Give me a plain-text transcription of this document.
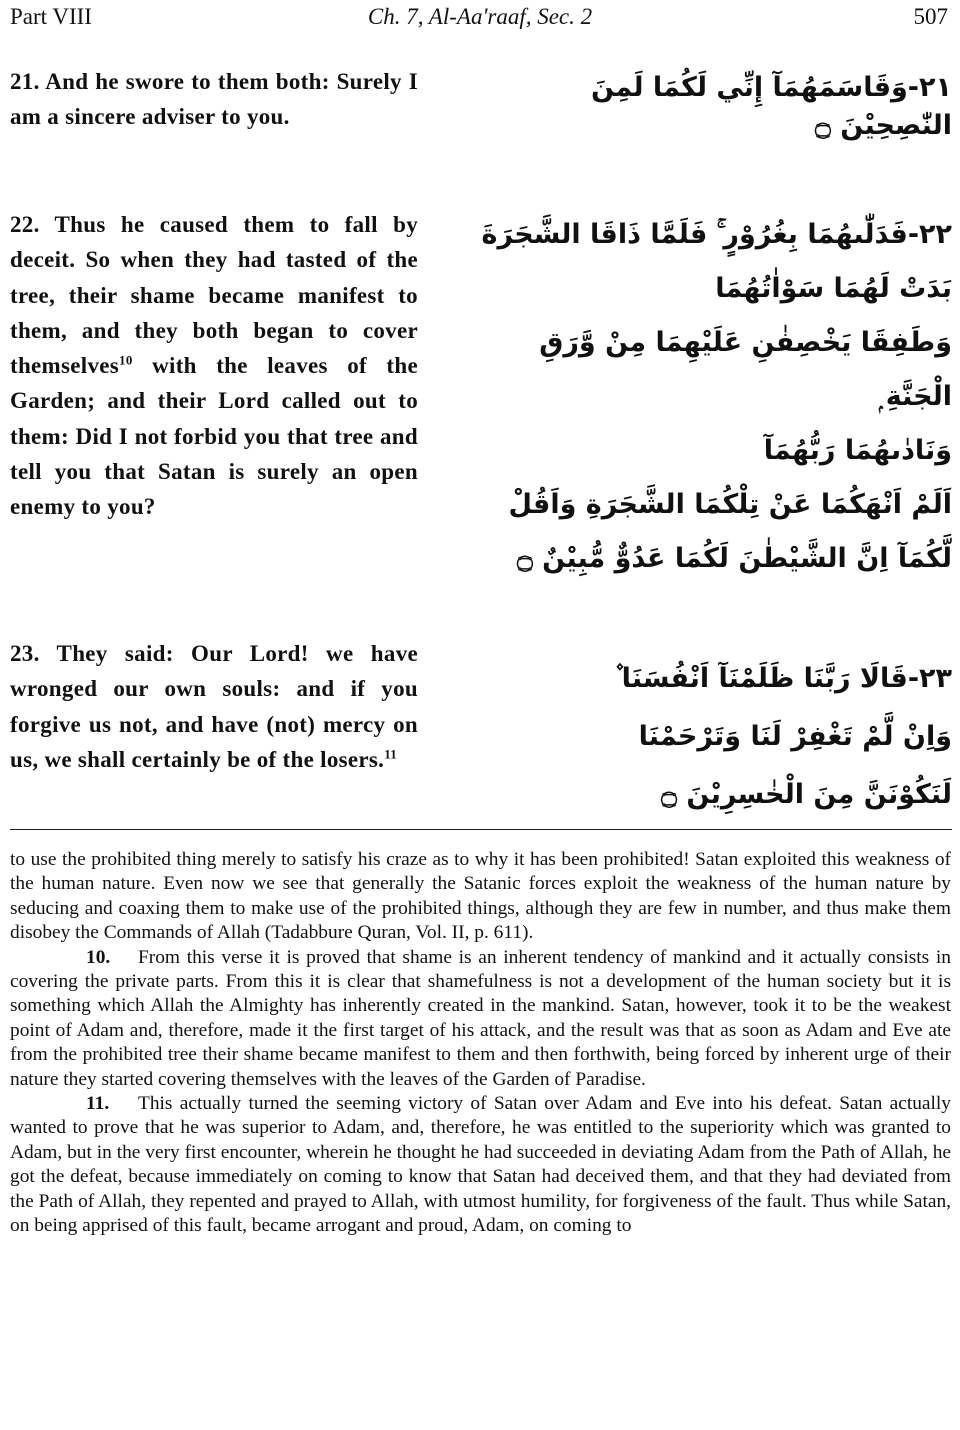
Ch. 7, Al-Aa'raaf, Sec. 2
Part VIII	507
21. And he swore to them both: Surely I am a sincere adviser to you.
٢١-وَقَاسَمَهُمَآ إِنِّي لَكُمَا لَمِنَ
النّٰصِحِيْنَ ۝
22. Thus he caused them to fall by deceit. So when they had tasted of the tree, their shame became manifest to them, and they both began to cover themselves$^{10}$ with the leaves of the Garden; and their Lord called out to them: Did I not forbid you that tree and tell you that Satan is surely an open enemy to you?
٢٢-فَدَلّٰىهُمَا بِغُرُوْرٍ ۚ فَلَمَّا ذَاقَا الشَّجَرَةَ
بَدَتْ لَهُمَا سَوْاٰتُهُمَا
وَطَفِقَا يَخْصِفٰنِ عَلَيْهِمَا مِنْ وَّرَقِ
الْجَنَّةِ ۭ
وَنَادٰىهُمَا رَبُّهُمَآ
اَلَمْ اَنْهَكُمَا عَنْ تِلْكُمَا الشَّجَرَةِ وَاَقُلْ
لَّكُمَآ اِنَّ الشَّيْطٰنَ لَكُمَا عَدُوٌّ مُّبِيْنٌ ۝
23. They said: Our Lord! we have wronged our own souls: and if you forgive us not, and have (not) mercy on us, we shall certainly be of the losers.$^{11}$
٢٣-قَالَا رَبَّنَا ظَلَمْنَآ اَنْفُسَنَا ۫
وَاِنْ لَّمْ تَغْفِرْ لَنَا وَتَرْحَمْنَا
لَنَكُوْنَنَّ مِنَ الْخٰسِرِيْنَ ۝

to use the prohibited thing merely to satisfy his craze as to why it has been prohibited! Satan exploited this weakness of the human nature. Even now we see that generally the Satanic forces exploit the weakness of the human nature by seducing and coaxing them to make use of the prohibited things, although they are few in number, and thus make them disobey the Commands of Allah (Tadabbure Quran, Vol. II, p. 611).

10. From this verse it is proved that shame is an inherent tendency of mankind and it actually consists in covering the private parts. From this it is clear that shamefulness is not a development of the human society but it is something which Allah the Almighty has inherently created in the mankind. Satan, however, took it to be the weakest point of Adam and, therefore, made it the first target of his attack, and the result was that as soon as Adam and Eve ate from the prohibited tree their shame became manifest to them and then forthwith, being forced by inherent urge of their nature they started covering themselves with the leaves of the Garden of Paradise.

11. This actually turned the seeming victory of Satan over Adam and Eve into his defeat. Satan actually wanted to prove that he was superior to Adam, and, therefore, he was entitled to the superiority which was granted to Adam, but in the very first encounter, wherein he thought he had succeeded in deviating Adam from the Path of Allah, he got the defeat, because immediately on coming to know that Satan had deceived them, and that they had deviated from the Path of Allah, they repented and prayed to Allah, with utmost humility, for forgiveness of the fault. Thus while Satan, on being apprised of this fault, became arrogant and proud, Adam, on coming to
